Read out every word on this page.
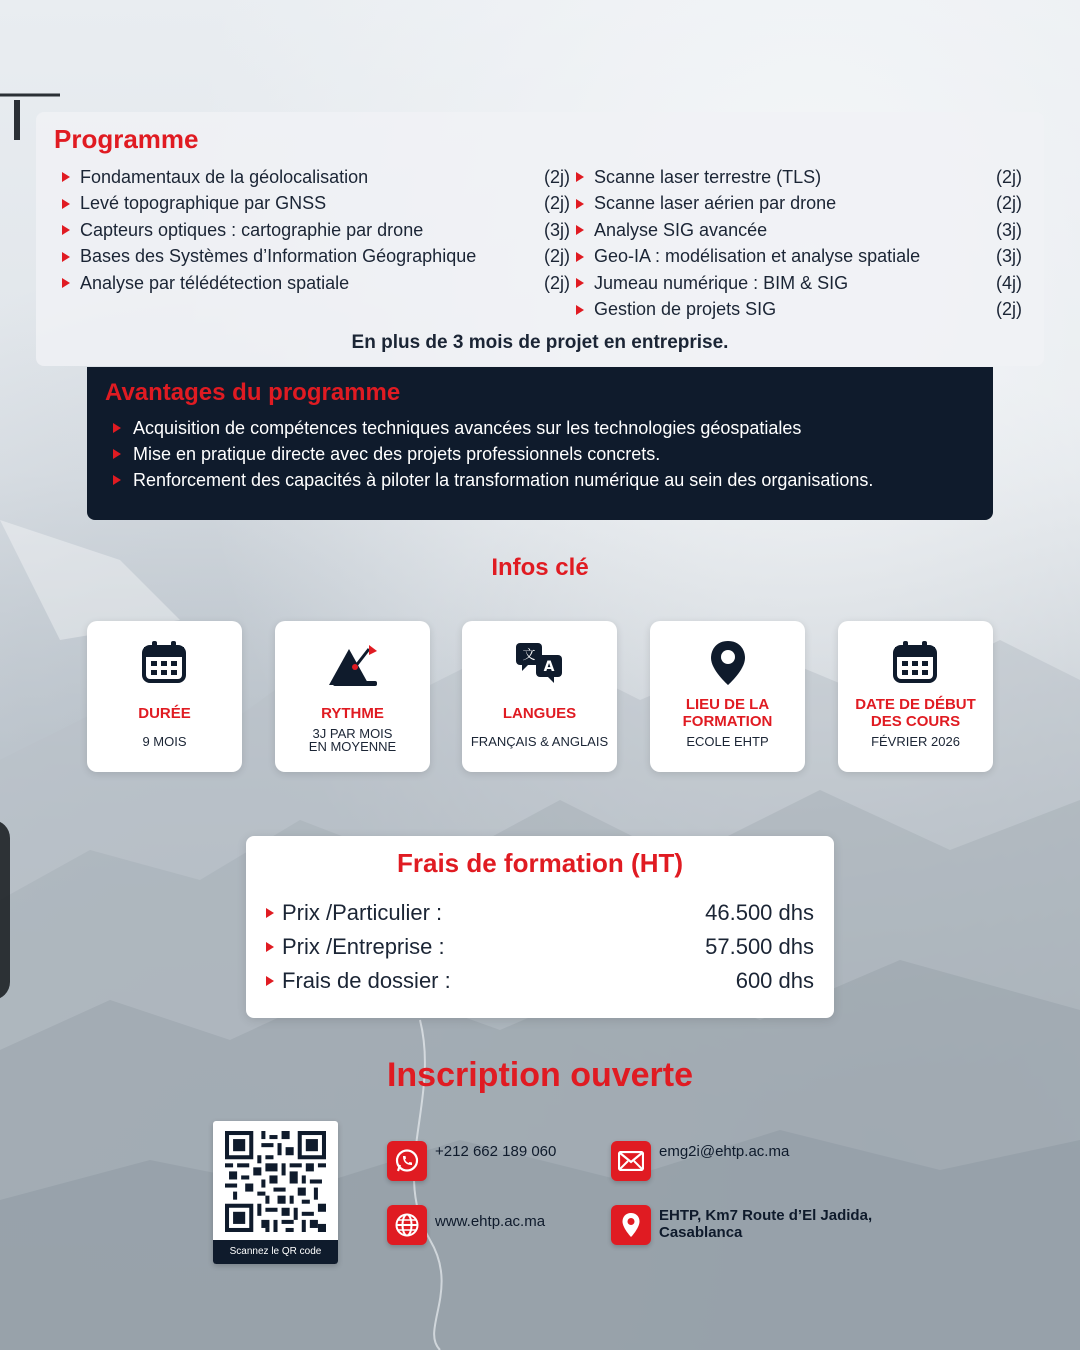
Programme
Fondamentaux de la géolocalisation	(2j)
Levé topographique par GNSS	(2j)
Capteurs optiques : cartographie par drone	(3j)
Bases des Systèmes d’Information Géographique	(2j)
Analyse par télédétection spatiale	(2j)
Scanne laser terrestre (TLS)	(2j)
Scanne laser aérien par drone	(2j)
Analyse SIG avancée	(3j)
Geo-IA : modélisation et analyse spatiale	(3j)
Jumeau numérique : BIM & SIG	(4j)
Gestion de projets SIG	(2j)

En plus de 3 mois de projet en entreprise.

Avantages du programme
Acquisition de compétences techniques avancées sur les technologies géospatiales
Mise en pratique directe avec des projets professionnels concrets.
Renforcement des capacités à piloter la transformation numérique au sein des organisations.
Infos clé
DURÉE
9 MOIS
RYTHME
3J PAR MOIS EN MOYENNE
文
A
LANGUES
FRANÇAIS & ANGLAIS
LIEU DE LA FORMATION
ECOLE EHTP
DATE DE DÉBUT DES COURS
FÉVRIER 2026
Frais de formation (HT)
Prix /Particulier :	46.500 dhs
Prix /Entreprise :	57.500 dhs
Frais de dossier :	600 dhs
Inscription ouverte
Scannez le QR code
+212 662 189 060	emg2i@ehtp.ac.ma
www.ehtp.ac.ma	EHTP, Km7 Route d’El Jadida,
Casablanca
